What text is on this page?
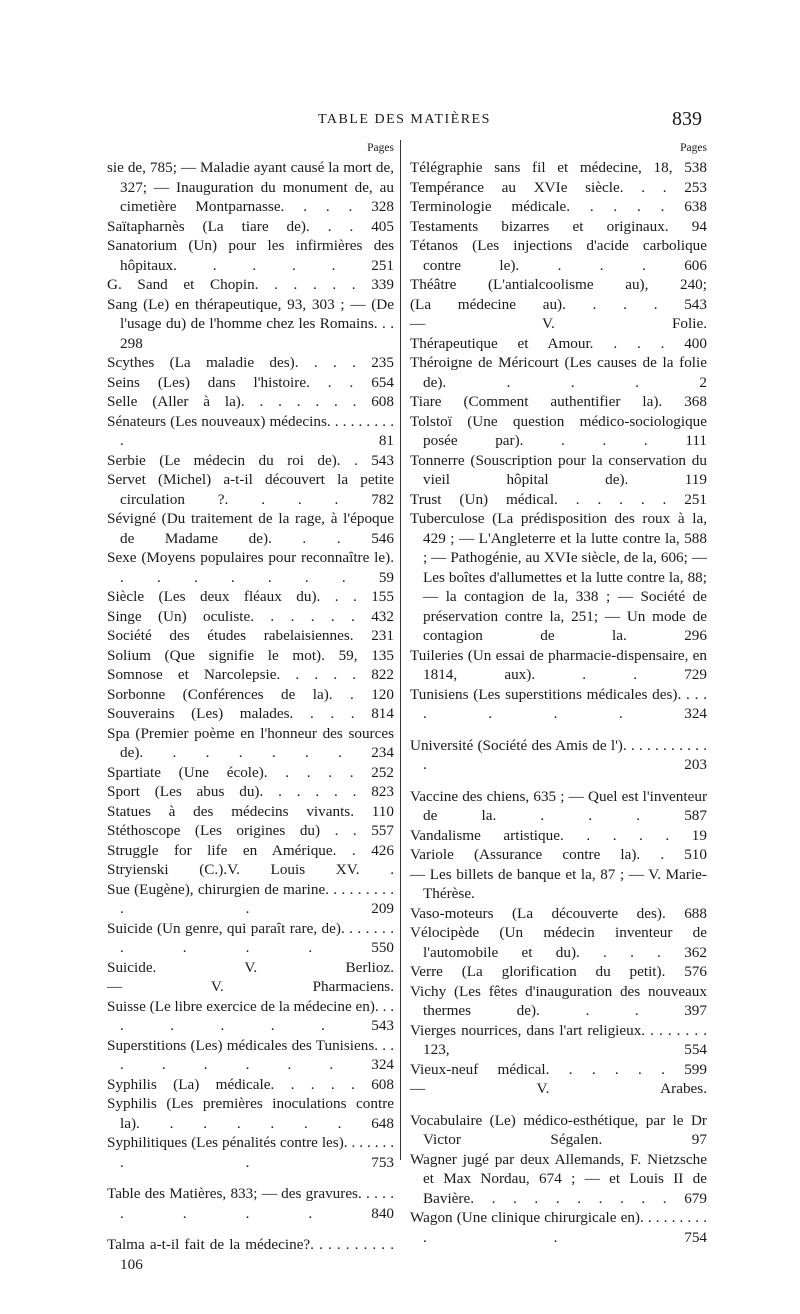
TABLE DES MATIÈRES	839
Pages
sie de, 785; — Maladie ayant causé la mort de, 327; — Inauguration du monument de, au cimetière Montparnasse. . . . 328
Saïtapharnès (La tiare de). . . 405
Sanatorium (Un) pour les infirmières des hôpitaux. . . . . 251
G. Sand et Chopin. . . . . . 339
Sang (Le) en thérapeutique, 93, 303 ; — (De l'usage du) de l'homme chez les Romains. . . 298
Scythes (La maladie des). . . . 235
Seins (Les) dans l'histoire. . . 654
Selle (Aller à la). . . . . . . 608
Sénateurs (Les nouveaux) médecins. . . . . . . . . . 81
Serbie (Le médecin du roi de). . 543
Servet (Michel) a-t-il découvert la petite circulation ?. . . . 782
Sévigné (Du traitement de la rage, à l'époque de Madame de). . . 546
Sexe (Moyens populaires pour reconnaître le). . . . . . . . 59
Siècle (Les deux fléaux du). . . 155
Singe (Un) oculiste. . . . . . 432
Société des études rabelaisiennes. 231
Solium (Que signifie le mot). 59, 135
Somnose et Narcolepsie. . . . . 822
Sorbonne (Conférences de la). . 120
Souverains (Les) malades. . . . 814
Spa (Premier poème en l'honneur des sources de). . . . . . . 234
Spartiate (Une école). . . . . 252
Sport (Les abus du). . . . . . 823
Statues à des médecins vivants. 110
Stéthoscope (Les origines du) . . 557
Struggle for life en Amérique. . 426
Stryienski (C.).V. Louis XV. .
Sue (Eugène), chirurgien de marine. . . . . . . . . . . 209
Suicide (Un genre, qui paraît rare, de). . . . . . . . . . . 550
Suicide. V. Berlioz.
— V. Pharmaciens.
Suisse (Le libre exercice de la médecine en). . . . . . . . 543
Superstitions (Les) médicales des Tunisiens. . . . . . . . . 324
Syphilis (La) médicale. . . . . 608
Syphilis (Les premières inoculations contre la). . . . . . . 648
Syphilitiques (Les pénalités contre les). . . . . . . . . 753
Table des Matières, 833; — des gravures. . . . . . . . . 840
Talma a-t-il fait de la médecine?. . . . . . . . . . 106
Pages
Télégraphie sans fil et médecine, 18, 538
Tempérance au XVIe siècle. . . 253
Terminologie médicale. . . . . 638
Testaments bizarres et originaux. 94
Tétanos (Les injections d'acide carbolique contre le). . . . 606
Théâtre (L'antialcoolisme au), 240;
(La médecine au). . . . 543
— V. Folie.
Thérapeutique et Amour. . . . 400
Théroigne de Méricourt (Les causes de la folie de). . . . 2
Tiare (Comment authentifier la). 368
Tolstoï (Une question médico-sociologique posée par). . . . 111
Tonnerre (Souscription pour la conservation du vieil hôpital de). 119
Trust (Un) médical. . . . . . 251
Tuberculose (La prédisposition des roux à la, 429 ; — L'Angleterre et la lutte contre la, 588 ; — Pathogénie, au XVIe siècle, de la, 606; — Les boîtes d'allumettes et la lutte contre la, 88; — la contagion de la, 338 ; — Société de préservation contre la, 251; — Un mode de contagion de la. 296
Tuileries (Un essai de pharmacie-dispensaire, en 1814, aux). . . 729
Tunisiens (Les superstitions médicales des). . . . . . . . 324
Université (Société des Amis de l'). . . . . . . . . . . . 203
Vaccine des chiens, 635 ; — Quel est l'inventeur de la. . . . 587
Vandalisme artistique. . . . . 19
Variole (Assurance contre la). . 510
— Les billets de banque et la, 87 ; — V. Marie-Thérèse.
Vaso-moteurs (La découverte des). 688
Vélocipède (Un médecin inventeur de l'automobile et du). . . . 362
Verre (La glorification du petit). 576
Vichy (Les fêtes d'inauguration des nouveaux thermes de). . . 397
Vierges nourrices, dans l'art religieux. . . . . . . . 123, 554
Vieux-neuf médical. . . . . . 599
— V. Arabes.
Vocabulaire (Le) médico-esthétique, par le Dr Victor Ségalen. 97
Wagner jugé par deux Allemands, F. Nietzsche et Max Nordau, 674 ; — et Louis II de Bavière. . . . . . . . . . 679
Wagon (Une clinique chirurgicale en). . . . . . . . . . . 754
